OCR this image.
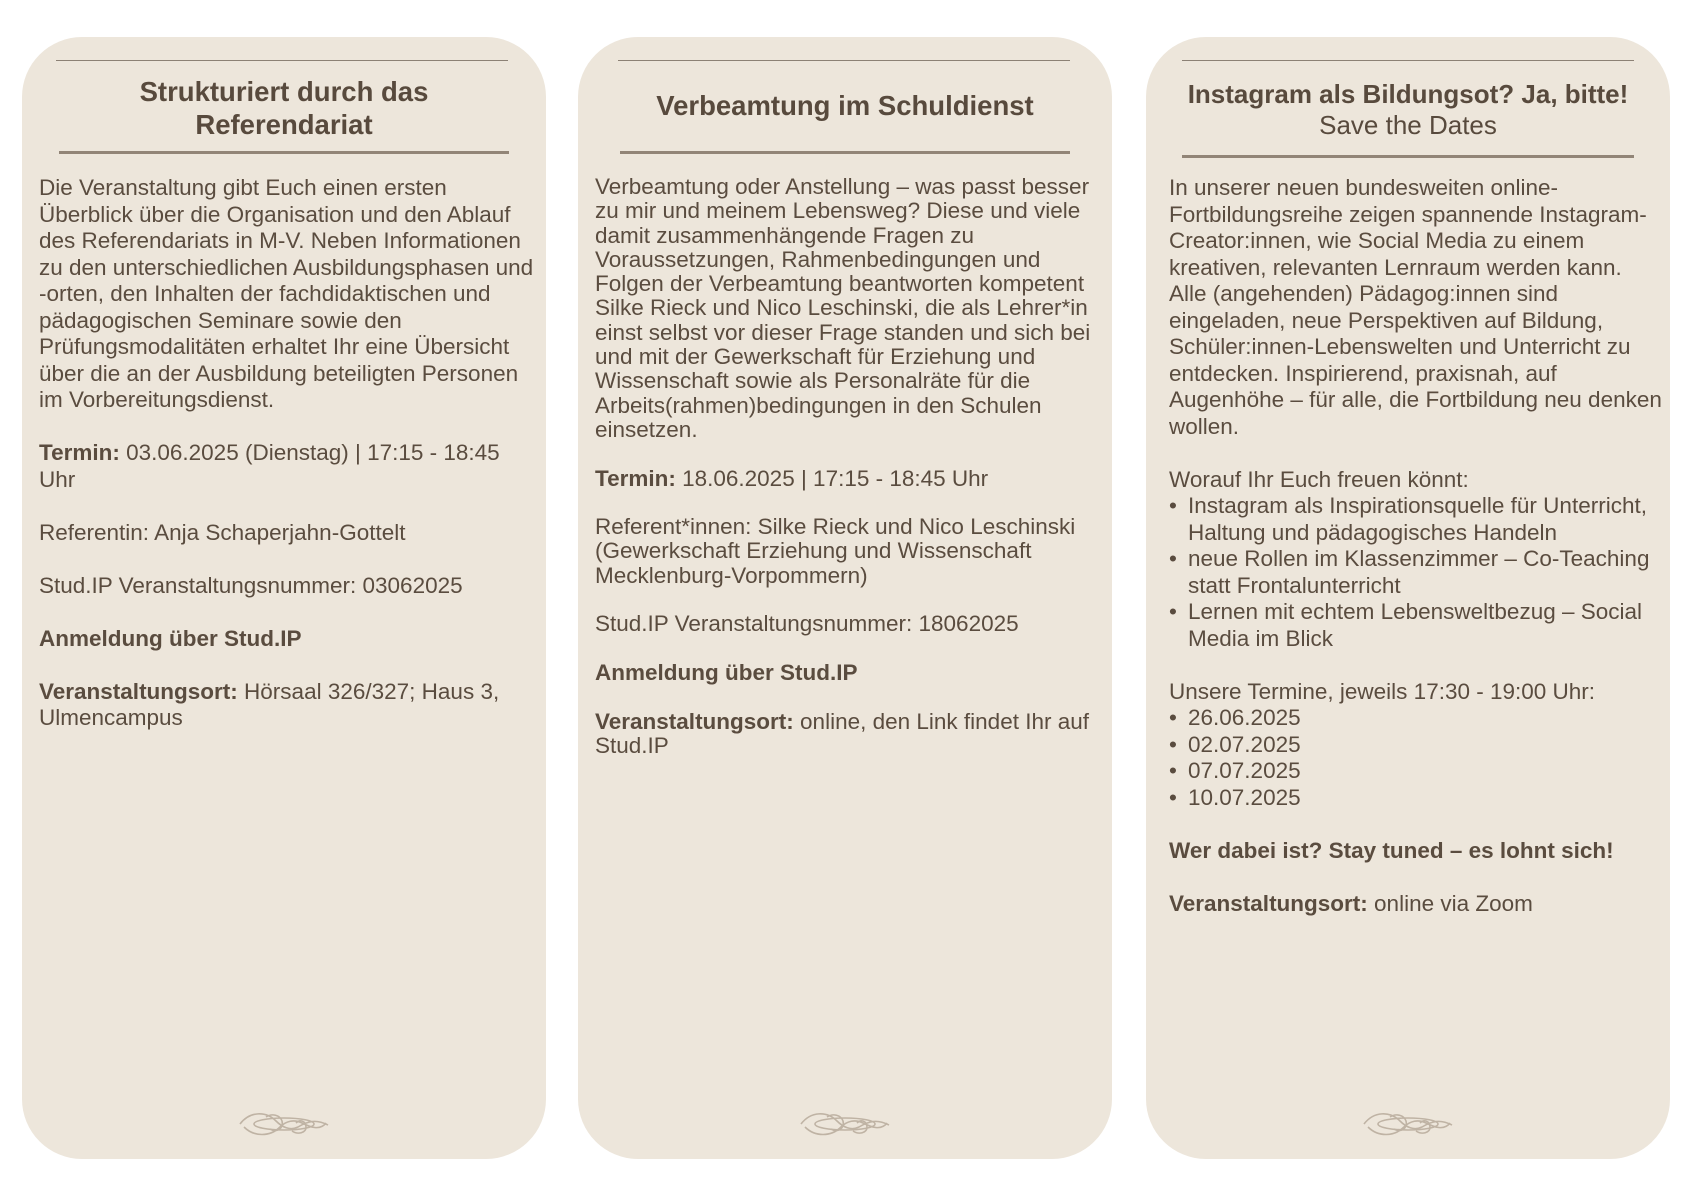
Strukturiert durch das Referendariat

Die Veranstaltung gibt Euch einen ersten Überblick über die Organisation und den Ablauf des Referendariats in M-V. Neben Informationen zu den unterschiedlichen Ausbildungsphasen und -orten, den Inhalten der fachdidaktischen und pädagogischen Seminare sowie den Prüfungsmodalitäten erhaltet Ihr eine Übersicht über die an der Ausbildung beteiligten Personen im Vorbereitungsdienst.

Termin: 03.06.2025 (Dienstag) | 17:15 - 18:45 Uhr

Referentin: Anja Schaperjahn-Gottelt

Stud.IP Veranstaltungsnummer: 03062025

Anmeldung über Stud.IP

Veranstaltungsort: Hörsaal 326/327; Haus 3, Ulmencampus

Verbeamtung im Schuldienst

Verbeamtung oder Anstellung – was passt besser zu mir und meinem Lebensweg? Diese und viele damit zusammenhängende Fragen zu Voraussetzungen, Rahmenbedingungen und Folgen der Verbeamtung beantworten kompetent Silke Rieck und Nico Leschinski, die als Lehrer*in einst selbst vor dieser Frage standen und sich bei und mit der Gewerkschaft für Erziehung und Wissenschaft sowie als Personalräte für die Arbeits(rahmen)bedingungen in den Schulen einsetzen.

Termin: 18.06.2025 | 17:15 - 18:45 Uhr

Referent*innen: Silke Rieck und Nico Leschinski (Gewerkschaft Erziehung und Wissenschaft Mecklenburg-Vorpommern)

Stud.IP Veranstaltungsnummer: 18062025

Anmeldung über Stud.IP

Veranstaltungsort: online, den Link findet Ihr auf Stud.IP

Instagram als Bildungsot? Ja, bitte!
Save the Dates

In unserer neuen bundesweiten online-Fortbildungsreihe zeigen spannende Instagram-Creator:innen, wie Social Media zu einem kreativen, relevanten Lernraum werden kann. Alle (angehenden) Pädagog:innen sind eingeladen, neue Perspektiven auf Bildung, Schüler:innen-Lebenswelten und Unterricht zu entdecken. Inspirierend, praxisnah, auf Augenhöhe – für alle, die Fortbildung neu denken wollen.

Worauf Ihr Euch freuen könnt:
• Instagram als Inspirationsquelle für Unterricht, Haltung und pädagogisches Handeln
• neue Rollen im Klassenzimmer – Co-Teaching statt Frontalunterricht
• Lernen mit echtem Lebensweltbezug – Social Media im Blick
Unsere Termine, jeweils 17:30 - 19:00 Uhr:
• 26.06.2025
• 02.07.2025
• 07.07.2025
• 10.07.2025

Wer dabei ist? Stay tuned – es lohnt sich!

Veranstaltungsort: online via Zoom
